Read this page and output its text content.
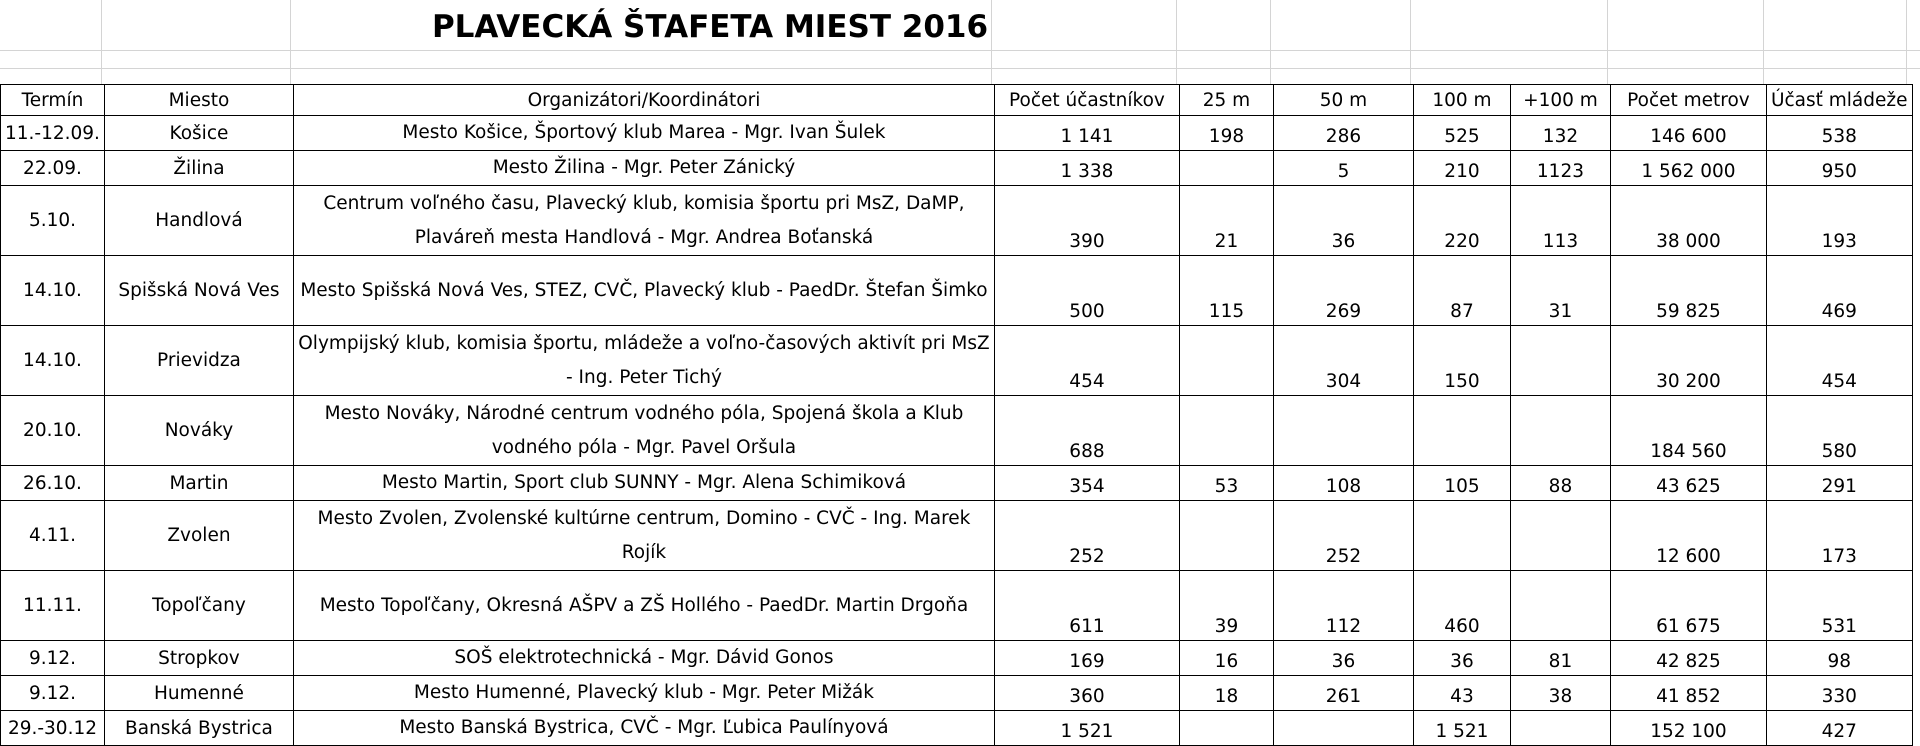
PLAVECKÁ ŠTAFETA MIEST 2016
Termín	Miesto	Organizátori/Koordinátori	Počet účastníkov	25 m	50 m	100 m	+100 m	Počet metrov	Účasť mládeže
11.-12.09.	Košice	Mesto Košice, Športový klub Marea - Mgr. Ivan Šulek	1 141	198	286	525	132	146 600	538
22.09.	Žilina	Mesto Žilina - Mgr. Peter Zánický	1 338		5	210	1123	1 562 000	950
5.10.	Handlová	Centrum voľného času, Plavecký klub, komisia športu pri MsZ, DaMP, Plaváreň mesta Handlová - Mgr. Andrea Boťanská	390	21	36	220	113	38 000	193
14.10.	Spišská Nová Ves	Mesto Spišská Nová Ves, STEZ, CVČ, Plavecký klub - PaedDr. Štefan Šimko	500	115	269	87	31	59 825	469
14.10.	Prievidza	Olympijský klub, komisia športu, mládeže a voľno-časových aktivít pri MsZ - Ing. Peter Tichý	454		304	150		30 200	454
20.10.	Nováky	Mesto Nováky, Národné centrum vodného póla, Spojená škola a Klub vodného póla - Mgr. Pavel Oršula	688					184 560	580
26.10.	Martin	Mesto Martin, Sport club SUNNY - Mgr. Alena Schimiková	354	53	108	105	88	43 625	291
4.11.	Zvolen	Mesto Zvolen, Zvolenské kultúrne centrum, Domino - CVČ - Ing. Marek Rojík	252		252			12 600	173
11.11.	Topoľčany	Mesto Topoľčany, Okresná AŠPV a ZŠ Hollého - PaedDr. Martin Drgoňa	611	39	112	460		61 675	531
9.12.	Stropkov	SOŠ elektrotechnická - Mgr. Dávid Gonos	169	16	36	36	81	42 825	98
9.12.	Humenné	Mesto Humenné, Plavecký klub - Mgr. Peter Mižák	360	18	261	43	38	41 852	330
29.-30.12	Banská Bystrica	Mesto Banská Bystrica, CVČ - Mgr. Ľubica Paulínyová	1 521			1 521		152 100	427
